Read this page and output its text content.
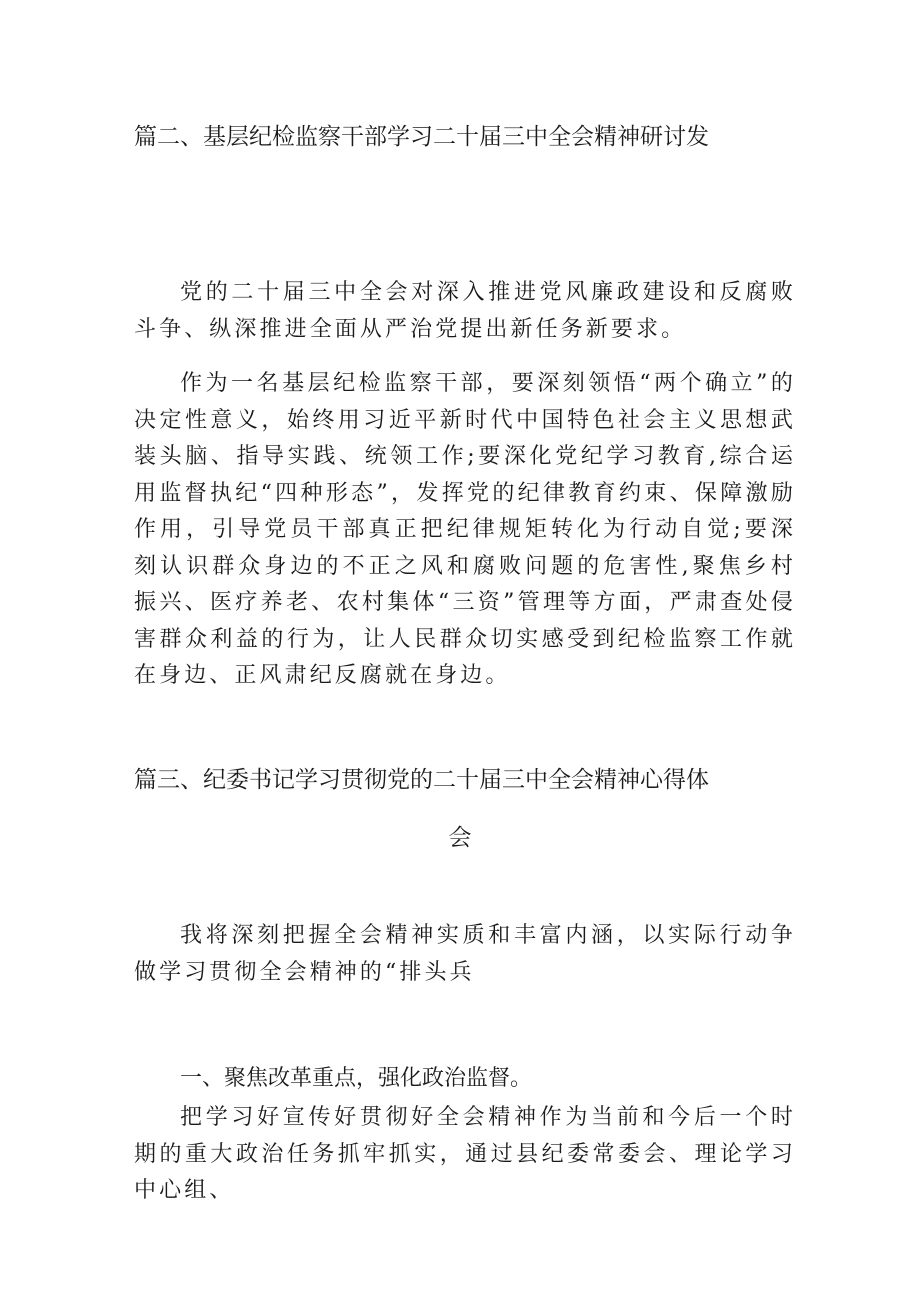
篇二、基层纪检监察干部学习二十届三中全会精神研讨发

党的二十届三中全会对深入推进党风廉政建设和反腐败斗争、纵深推进全面从严治党提出新任务新要求。

作为一名基层纪检监察干部，要深刻领悟“两个确立”的决定性意义，始终用习近平新时代中国特色社会主义思想武装头脑、指导实践、统领工作;要深化党纪学习教育,综合运用监督执纪“四种形态”，发挥党的纪律教育约束、保障激励作用，引导党员干部真正把纪律规矩转化为行动自觉;要深刻认识群众身边的不正之风和腐败问题的危害性,聚焦乡村振兴、医疗养老、农村集体“三资”管理等方面，严肃查处侵害群众利益的行为，让人民群众切实感受到纪检监察工作就在身边、正风肃纪反腐就在身边。

篇三、纪委书记学习贯彻党的二十届三中全会精神心得体
会

我将深刻把握全会精神实质和丰富内涵，以实际行动争做学习贯彻全会精神的“排头兵

一、聚焦改革重点，强化政治监督。

把学习好宣传好贯彻好全会精神作为当前和今后一个时期的重大政治任务抓牢抓实，通过县纪委常委会、理论学习中心组、
